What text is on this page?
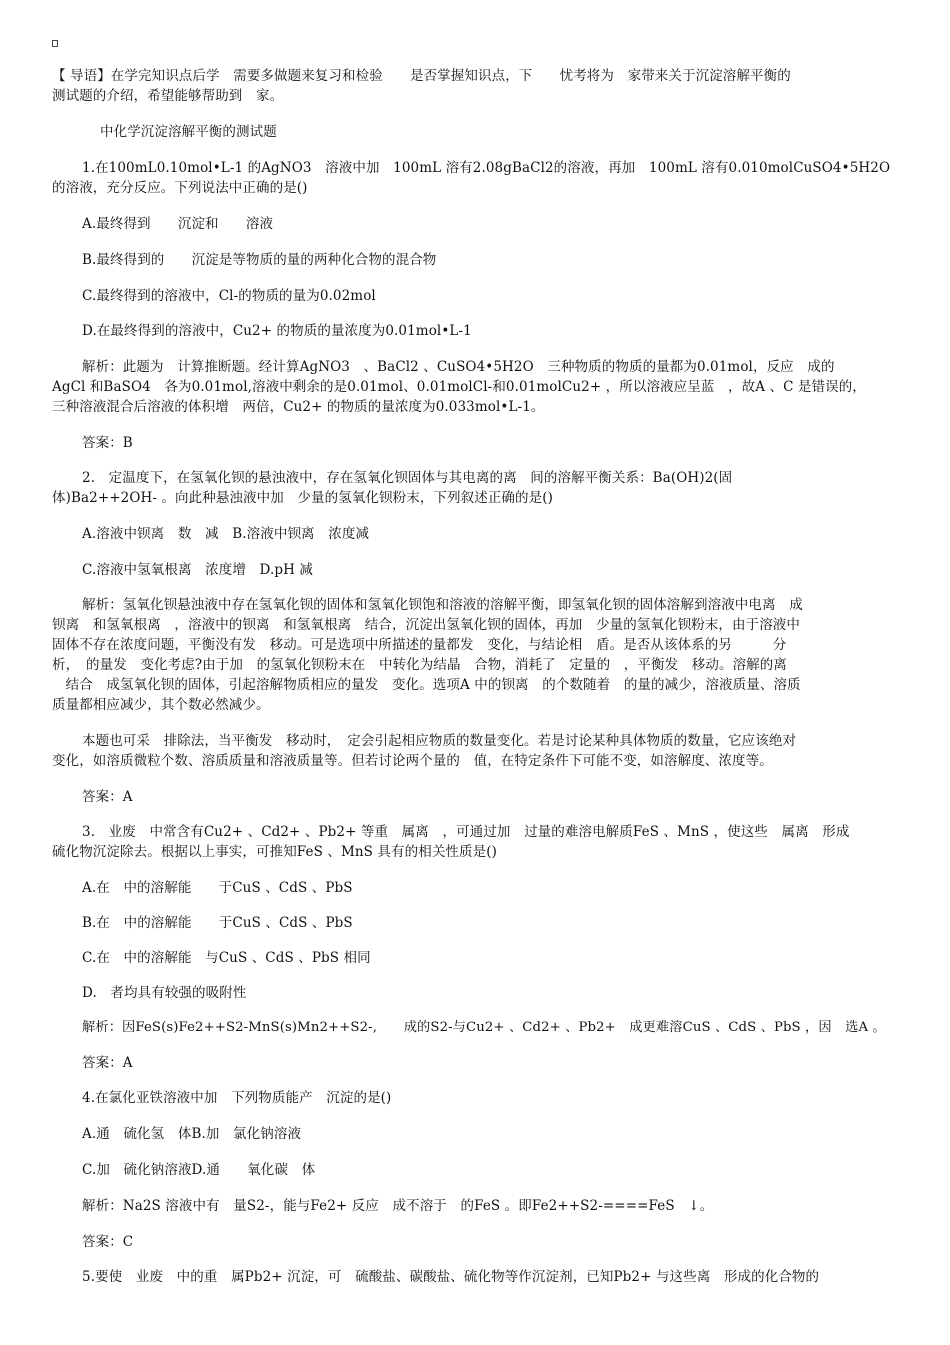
【 导语】在学完知识点后学　需要多做题来复习和检验　　是否掌握知识点，下　　忧考将为　家带来关于沉淀溶解平衡的
测试题的介绍，希望能够帮助到　家。
中化学沉淀溶解平衡的测试题
1.在100mL0.10mol•L-1 的AgNO3　溶液中加　100mL 溶有2.08gBaCl2的溶液，再加　100mL 溶有0.010molCuSO4•5H2O
的溶液，充分反应。下列说法中正确的是()
A.最终得到　　沉淀和　　溶液
B.最终得到的　　沉淀是等物质的量的两种化合物的混合物
C.最终得到的溶液中，Cl-的物质的量为0.02mol
D.在最终得到的溶液中，Cu2+ 的物质的量浓度为0.01mol•L-1
解析：此题为　计算推断题。经计算AgNO3　、BaCl2 、CuSO4•5H2O　三种物质的物质的量都为0.01mol，反应　成的
AgCl 和BaSO4　各为0.01mol,溶液中剩余的是0.01mol、0.01molCl-和0.01molCu2+ ，所以溶液应呈蓝　，故A 、C 是错误的，
三种溶液混合后溶液的体积增　两倍，Cu2+ 的物质的量浓度为0.033mol•L-1。
答案：B
2.　定温度下，在氢氧化钡的悬浊液中，存在氢氧化钡固体与其电离的离　间的溶解平衡关系：Ba(OH)2(固
体)Ba2++2OH- 。向此种悬浊液中加　少量的氢氧化钡粉末，下列叙述正确的是()
A.溶液中钡离　数　减　B.溶液中钡离　浓度减
C.溶液中氢氧根离　浓度增　D.pH 减
解析：氢氧化钡悬浊液中存在氢氧化钡的固体和氢氧化钡饱和溶液的溶解平衡，即氢氧化钡的固体溶解到溶液中电离　成
钡离　和氢氧根离　，溶液中的钡离　和氢氧根离　结合，沉淀出氢氧化钡的固体，再加　少量的氢氧化钡粉末，由于溶液中
固体不存在浓度问题，平衡没有发　移动。可是选项中所描述的量都发　变化，与结论相　盾。是否从该体系的另　　　分
析，　的量发　变化考虑?由于加　的氢氧化钡粉末在　中转化为结晶　合物，消耗了　定量的　，平衡发　移动。溶解的离
　结合　成氢氧化钡的固体，引起溶解物质相应的量发　变化。选项A 中的钡离　的个数随着　的量的减少，溶液质量、溶质
质量都相应减少，其个数必然减少。
本题也可采　排除法，当平衡发　移动时，　定会引起相应物质的数量变化。若是讨论某种具体物质的数量，它应该绝对
变化，如溶质微粒个数、溶质质量和溶液质量等。但若讨论两个量的　值，在特定条件下可能不变，如溶解度、浓度等。
答案：A
3.　业废　中常含有Cu2+ 、Cd2+ 、Pb2+ 等重　属离　，可通过加　过量的难溶电解质FeS 、MnS ，使这些　属离　形成
硫化物沉淀除去。根据以上事实，可推知FeS 、MnS 具有的相关性质是()
A.在　中的溶解能　　于CuS 、CdS 、PbS
B.在　中的溶解能　　于CuS 、CdS 、PbS
C.在　中的溶解能　与CuS 、CdS 、PbS 相同
D.　者均具有较强的吸附性
解析：因FeS(s)Fe2++S2-MnS(s)Mn2++S2-,　　成的S2-与Cu2+ 、Cd2+ 、Pb2+　成更难溶CuS 、CdS 、PbS ，因　选A 。
答案：A
4.在氯化亚铁溶液中加　下列物质能产　沉淀的是()
A.通　硫化氢　体B.加　氯化钠溶液
C.加　硫化钠溶液D.通　　氧化碳　体
解析：Na2S 溶液中有　量S2-，能与Fe2+ 反应　成不溶于　的FeS 。即Fe2++S2-====FeS　↓。
答案：C
5.要使　业废　中的重　属Pb2+ 沉淀，可　硫酸盐、碳酸盐、硫化物等作沉淀剂，已知Pb2+ 与这些离　形成的化合物的
